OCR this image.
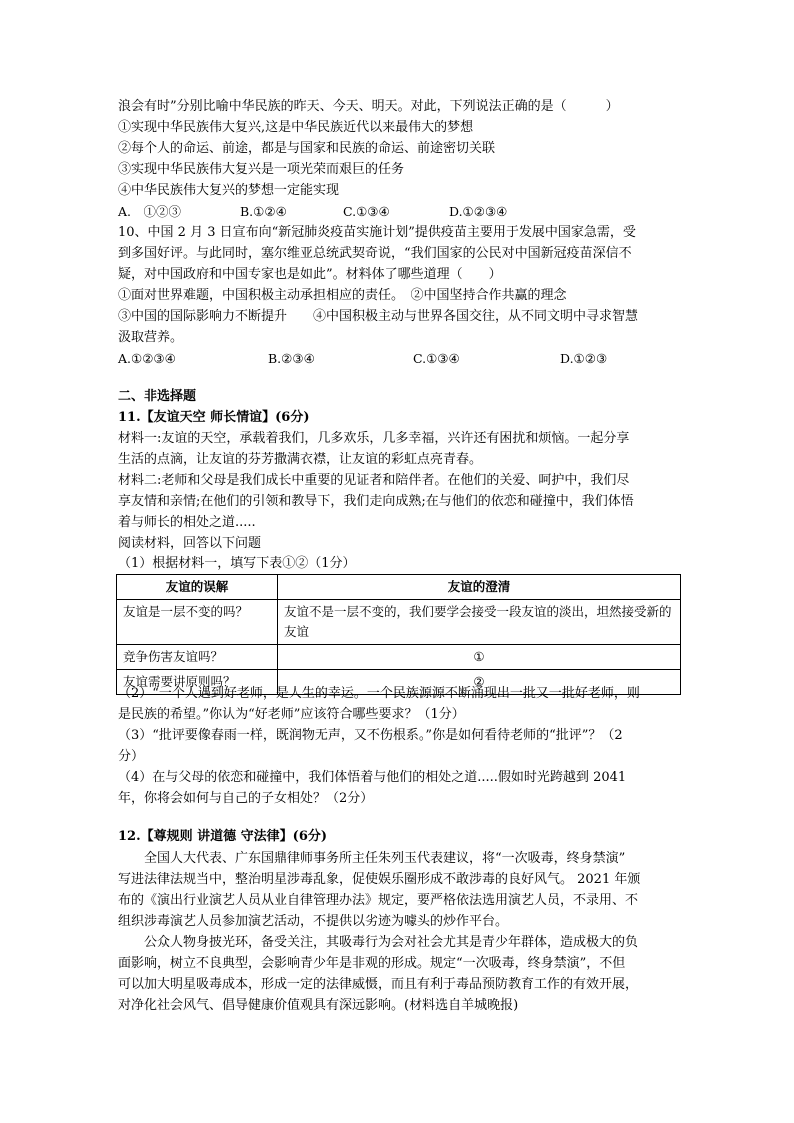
浪会有时”分别比喻中华民族的昨天、今天、明天。对此，下列说法正确的是（　　　）
①实现中华民族伟大复兴,这是中华民族近代以来最伟大的梦想
②每个人的命运、前途，都是与国家和民族的命运、前途密切关联
③实现中华民族伟大复兴是一项光荣而艰巨的任务
④中华民族伟大复兴的梦想一定能实现
A.　①②③	B.①②④	C.①③④	D.①②③④
10、中国 2 月 3 日宣布向“新冠肺炎疫苗实施计划”提供疫苗主要用于发展中国家急需，受
到多国好评。与此同时，塞尔维亚总统武契奇说，“我们国家的公民对中国新冠疫苗深信不
疑，对中国政府和中国专家也是如此”。材料体了哪些道理（　　）
①面对世界难题，中国积极主动承担相应的责任。　②中国坚持合作共赢的理念
③中国的国际影响力不断提升　　④中国积极主动与世界各国交往，从不同文明中寻求智慧
汲取营养。
A.①②③④	B.②③④	C.①③④	D.①②③
二、非选择题
11.【友谊天空 师长情谊】(6分)
材料一:友谊的天空，承载着我们，几多欢乐，几多幸福，兴许还有困扰和烦恼。一起分享
生活的点滴，让友谊的芬芳撒满衣襟，让友谊的彩虹点亮青春。
材料二:老师和父母是我们成长中重要的见证者和陪伴者。在他们的关爱、呵护中，我们尽
享友情和亲情;在他们的引领和教导下，我们走向成熟;在与他们的依恋和碰撞中，我们体悟
着与师长的相处之道.....
阅读材料，回答以下问题
（1）根据材料一，填写下表①②（1分）
友谊的误解	友谊的澄清
友谊是一层不变的吗？	友谊不是一层不变的，我们要学会接受一段友谊的淡出，坦然接受新的友谊
竞争伤害友谊吗？	①
友谊需要讲原则吗？	②
（2）“一个人遇到好老师，是人生的幸运。一个民族源源不断涌现出一批又一批好老师，则
是民族的希望。”你认为“好老师”应该符合哪些要求？（1分）
（3）“批评要像春雨一样，既润物无声，又不伤根系。”你是如何看待老师的“批评”？（2
分）
（4）在与父母的依恋和碰撞中，我们体悟着与他们的相处之道.....假如时光跨越到 2041
年，你将会如何与自己的子女相处？（2分）
12.【尊规则 讲道德 守法律】(6分)
　　全国人大代表、广东国鼎律师事务所主任朱列玉代表建议，将“一次吸毒，终身禁演”
写进法律法规当中，整治明星涉毒乱象，促使娱乐圈形成不敢涉毒的良好风气。 2021 年颁
布的《演出行业演艺人员从业自律管理办法》规定，要严格依法选用演艺人员，不录用、不
组织涉毒演艺人员参加演艺活动，不提供以劣迹为噱头的炒作平台。
　　公众人物身披光环，备受关注，其吸毒行为会对社会尤其是青少年群体，造成极大的负
面影响，树立不良典型，会影响青少年是非观的形成。规定“一次吸毒，终身禁演”，不但
可以加大明星吸毒成本，形成一定的法律威慑，而且有利于毒品预防教育工作的有效开展，
对净化社会风气、倡导健康价值观具有深远影响。(材料选自羊城晚报)
